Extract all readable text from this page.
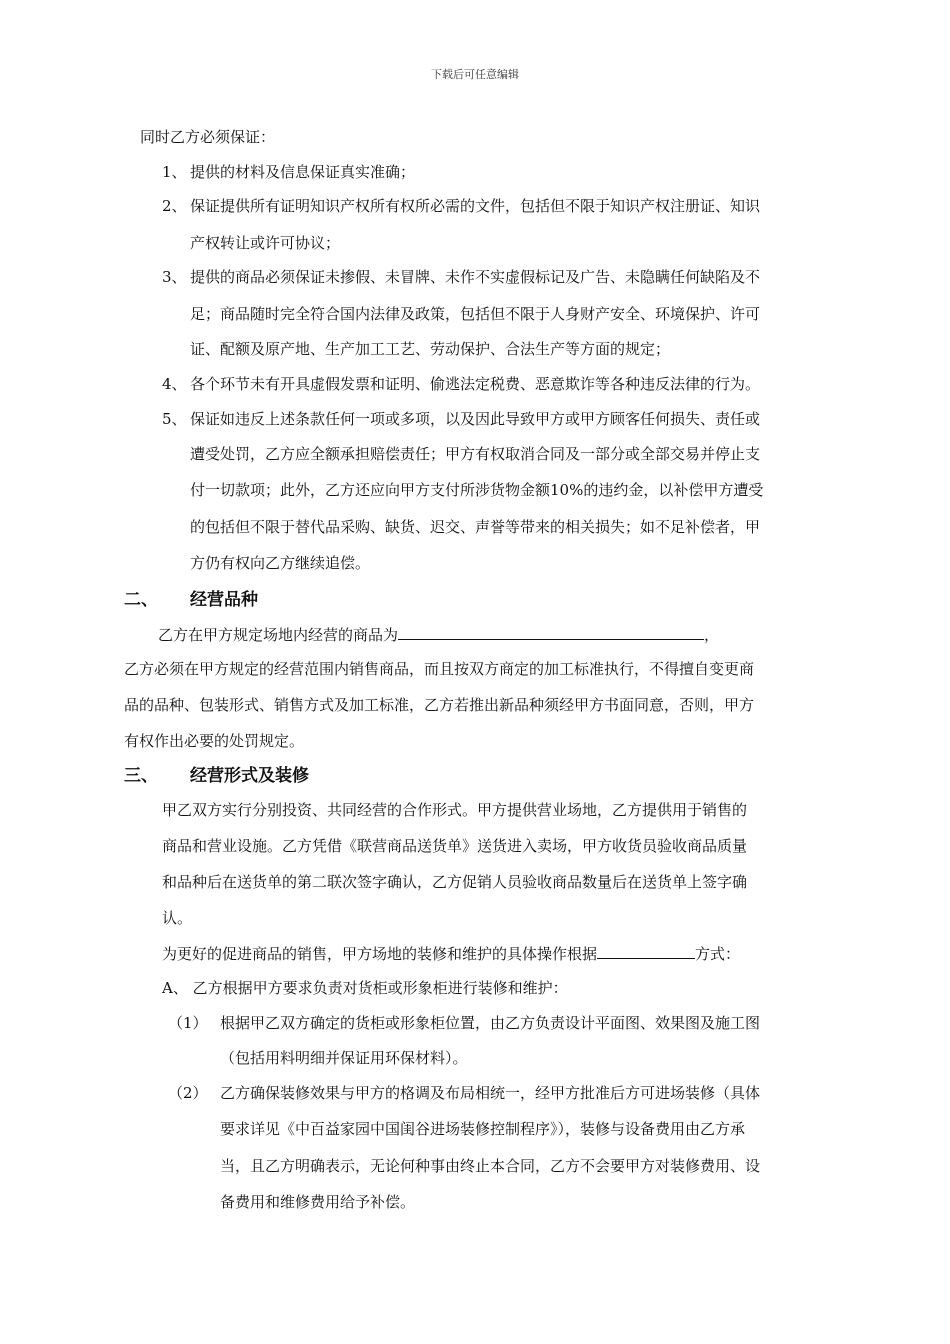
下载后可任意编辑
同时乙方必须保证：
1、 提供的材料及信息保证真实准确；
2、 保证提供所有证明知识产权所有权所必需的文件，包括但不限于知识产权注册证、知识
产权转让或许可协议；
3、 提供的商品必须保证未掺假、未冒牌、未作不实虚假标记及广告、未隐瞒任何缺陷及不
足；商品随时完全符合国内法律及政策，包括但不限于人身财产安全、环境保护、许可
证、配额及原产地、生产加工工艺、劳动保护、合法生产等方面的规定；
4、 各个环节未有开具虚假发票和证明、偷逃法定税费、恶意欺诈等各种违反法律的行为。
5、 保证如违反上述条款任何一项或多项，以及因此导致甲方或甲方顾客任何损失、责任或
遭受处罚，乙方应全额承担赔偿责任；甲方有权取消合同及一部分或全部交易并停止支
付一切款项；此外，乙方还应向甲方支付所涉货物金额10%的违约金，以补偿甲方遭受
的包括但不限于替代品采购、缺货、迟交、声誉等带来的相关损失；如不足补偿者，甲
方仍有权向乙方继续追偿。
二、 经营品种
乙方在甲方规定场地内经营的商品为	，
乙方必须在甲方规定的经营范围内销售商品，而且按双方商定的加工标准执行，不得擅自变更商
品的品种、包装形式、销售方式及加工标准，乙方若推出新品种须经甲方书面同意，否则，甲方
有权作出必要的处罚规定。
三、 经营形式及装修
甲乙双方实行分别投资、共同经营的合作形式。甲方提供营业场地，乙方提供用于销售的
商品和营业设施。乙方凭借《联营商品送货单》送货进入卖场，甲方收货员验收商品质量
和品种后在送货单的第二联次签字确认，乙方促销人员验收商品数量后在送货单上签字确
认。
为更好的促进商品的销售，甲方场地的装修和维护的具体操作根据	方式：
A、 乙方根据甲方要求负责对货柜或形象柜进行装修和维护：
（1） 根据甲乙双方确定的货柜或形象柜位置，由乙方负责设计平面图、效果图及施工图
（包括用料明细并保证用环保材料）。
（2） 乙方确保装修效果与甲方的格调及布局相统一，经甲方批准后方可进场装修（具体
要求详见《中百益家园中国闺谷进场装修控制程序》），装修与设备费用由乙方承
当，且乙方明确表示，无论何种事由终止本合同，乙方不会要甲方对装修费用、设
备费用和维修费用给予补偿。
